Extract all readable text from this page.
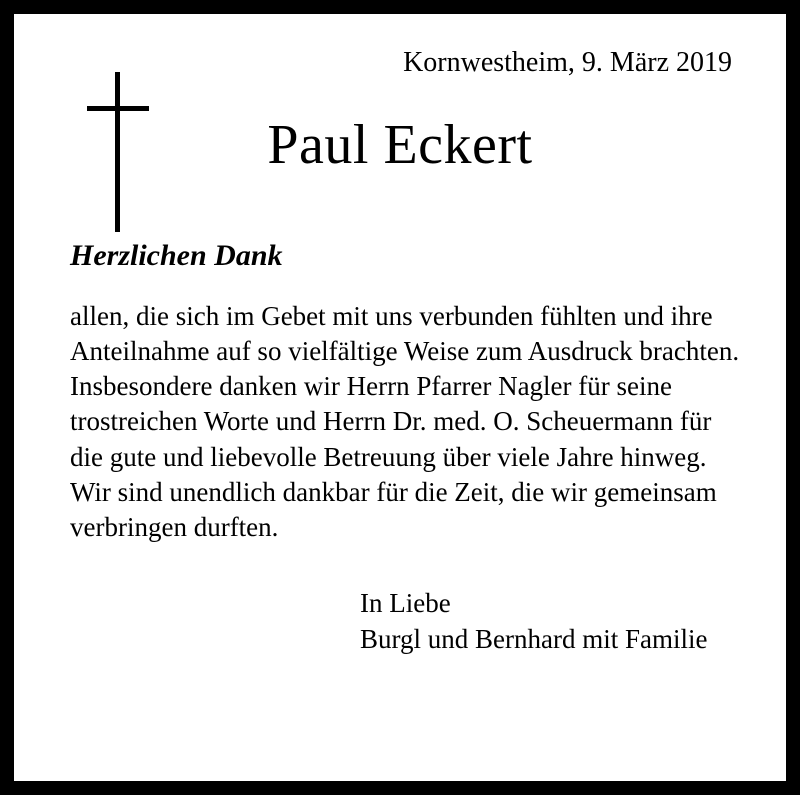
Kornwestheim, 9. März 2019
Paul Eckert
Herzlichen Dank

allen, die sich im Gebet mit uns verbunden fühlten und ihre Anteilnahme auf so vielfältige Weise zum Ausdruck brachten.

Insbesondere danken wir Herrn Pfarrer Nagler für seine trostreichen Worte und Herrn Dr. med. O. Scheuermann für die gute und liebevolle Betreuung über viele Jahre hinweg.

Wir sind unendlich dankbar für die Zeit, die wir gemeinsam verbringen durften.

In Liebe

Burgl und Bernhard mit Familie
